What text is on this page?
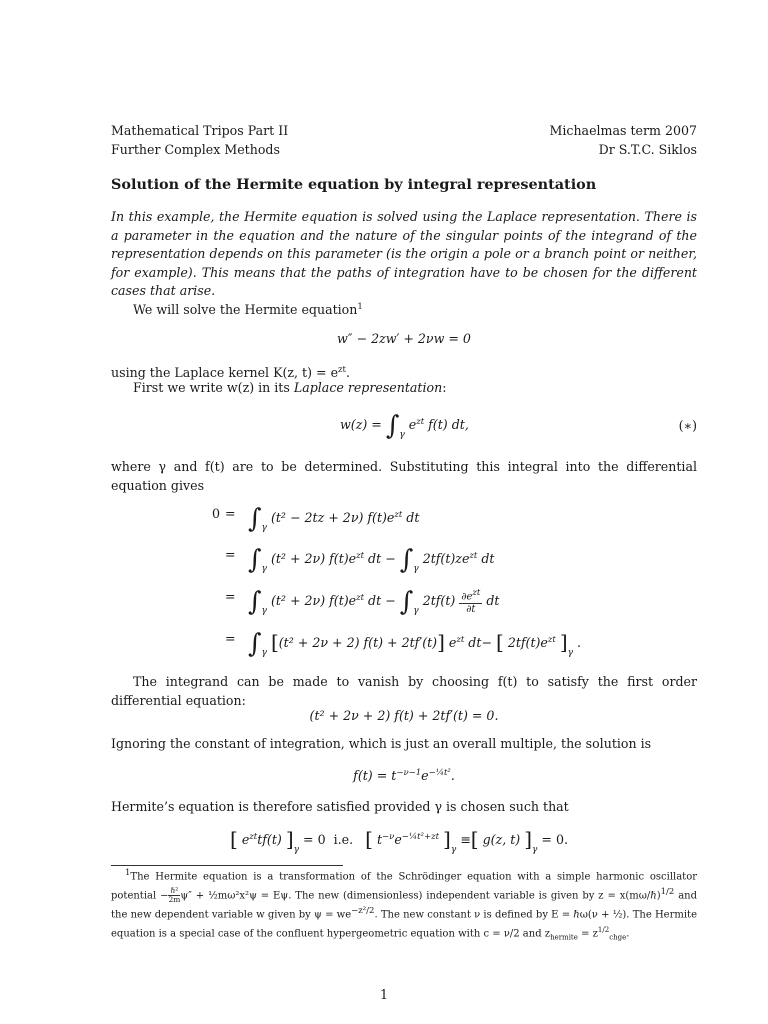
Mathematical Tripos Part II
Further Complex Methods
Michaelmas term 2007
Dr S.T.C. Siklos
Solution of the Hermite equation by integral representation
In this example, the Hermite equation is solved using the Laplace representation. There is a parameter in the equation and the nature of the singular points of the integrand of the representation depends on this parameter (is the origin a pole or a branch point or neither, for example). This means that the paths of integration have to be chosen for the different cases that arise.
We will solve the Hermite equation$^1$
w″ − 2zw′ + 2νw = 0
using the Laplace kernel K(z, $t) = e^{zt}$.
First we write w(z) in its Laplace representation:
$w(z) = \int_\gamma$ $e^{zt}$ f(t) dt,	(∗)
where γ and f(t) are to be determined. Substituting this integral into the differential equation gives
$0 = \int_\gamma$ (t² − 2tz + 2ν) $f(t)e^{zt}$ dt
= $\int_\gamma$ (t² + 2ν) $f(t)e^{zt}$ dt − $\int_\gamma$ $2tf(t)ze^{zt}$ dt
= $\int_\gamma$ (t² + 2ν) $f(t)e^{zt}$ dt − $\int_\gamma$ $2tf(t) \frac{\partial e^{zt}}{\partial t}$ dt
= $\int_\gamma$ [(t² + 2ν + 2) f(t) + 2tf′(t)] $e^{zt}$ dt− [ $2tf(t)e^{zt}$ ]$_\gamma$ .
The integrand can be made to vanish by choosing f(t) to satisfy the first order differential equation:
(t² + 2ν + 2) f(t) + 2tf′(t) = 0.
Ignoring the constant of integration, which is just an overall multiple, the solution is
$f(t) = t^{-\nu-1}e^{-\frac{1}{4}t^2}$.
Hermite’s equation is therefore satisfied provided γ is chosen such that
[ $e^{zt}tf(t) ]_\gamma = 0$ i.e. [ $t^{-\nu}e^{-\frac{1}{4}t^2+zt}$ ]$_\gamma$ ≡[ g(z, t) ]$_\gamma = 0$.
$^1$The Hermite equation is a transformation of the Schrödinger equation with a simple harmonic oscillator potential − $\frac{\text{ℏ²}}{2m} \psi''$ + ½mω²x²ψ = Eψ. The new (dimensionless) independent variable is given by z = x(mω/ℏ)$^{1/2}$ and the new dependent variable w given by $\psi = we^{-z^2/2}$. The new constant ν is defined by E = ℏω(ν + ½). The Hermite equation is a special case of the confluent hypergeometric equation with c = ν/2 and $z_{hermite} = z^{1/2}_{chge}$.
1
